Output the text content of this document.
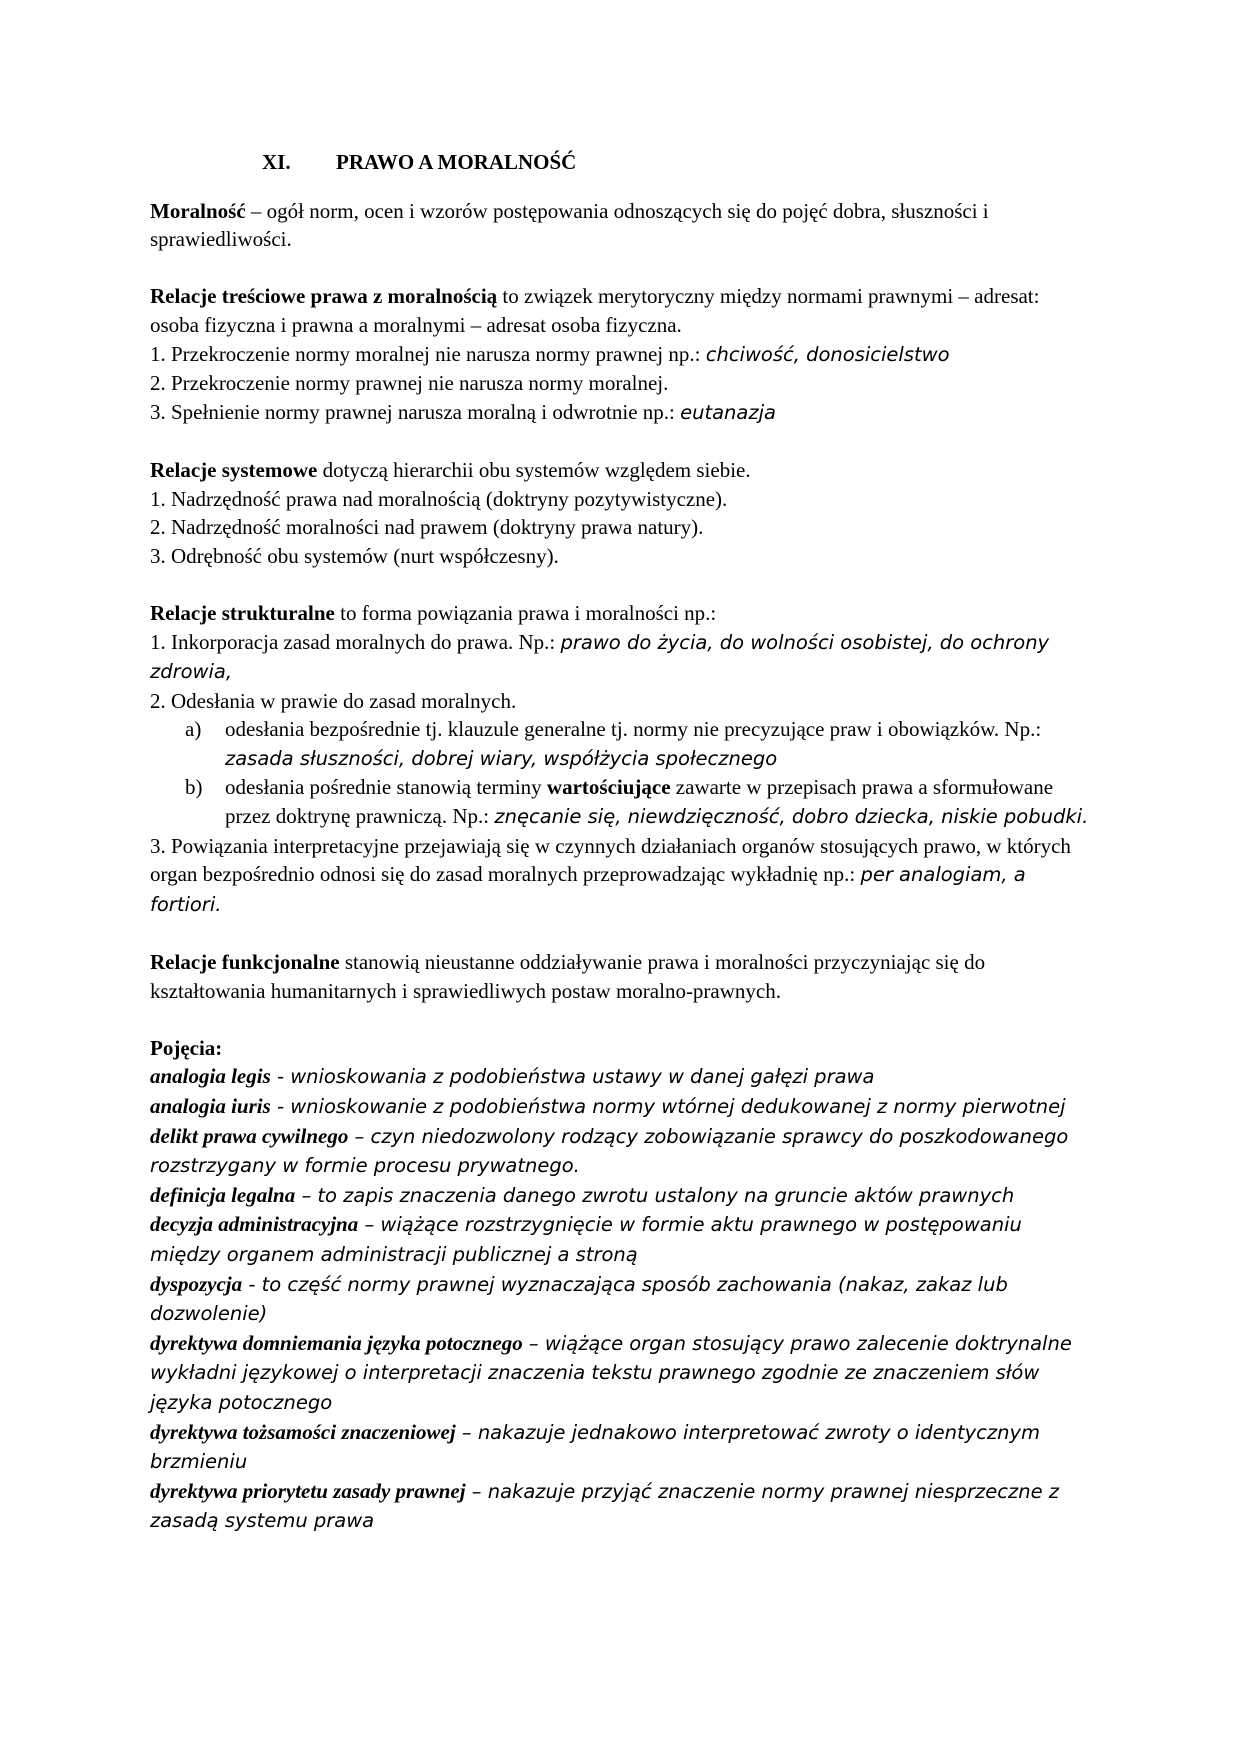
XI. PRAWO A MORALNOŚĆ

Moralność – ogół norm, ocen i wzorów postępowania odnoszących się do pojęć dobra, słuszności i sprawiedliwości.

Relacje treściowe prawa z moralnością to związek merytoryczny między normami prawnymi – adresat: osoba fizyczna i prawna a moralnymi – adresat osoba fizyczna.

1. Przekroczenie normy moralnej nie narusza normy prawnej np.: chciwość, donosicielstwo

2. Przekroczenie normy prawnej nie narusza normy moralnej.

3. Spełnienie normy prawnej narusza moralną i odwrotnie np.: eutanazja

Relacje systemowe dotyczą hierarchii obu systemów względem siebie.

1. Nadrzędność prawa nad moralnością (doktryny pozytywistyczne).

2. Nadrzędność moralności nad prawem (doktryny prawa natury).

3. Odrębność obu systemów (nurt współczesny).

Relacje strukturalne to forma powiązania prawa i moralności np.:

1. Inkorporacja zasad moralnych do prawa. Np.: prawo do życia, do wolności osobistej, do ochrony zdrowia,

2. Odesłania w prawie do zasad moralnych.

a)	odesłania bezpośrednie tj. klauzule generalne tj. normy nie precyzujące praw i obowiązków. Np.: zasada słuszności, dobrej wiary, współżycia społecznego
b)	odesłania pośrednie stanowią terminy wartościujące zawarte w przepisach prawa a sformułowane przez doktrynę prawniczą. Np.: znęcanie się, niewdzięczność, dobro dziecka, niskie pobudki.

3. Powiązania interpretacyjne przejawiają się w czynnych działaniach organów stosujących prawo, w których organ bezpośrednio odnosi się do zasad moralnych przeprowadzając wykładnię np.: per analogiam, a fortiori.

Relacje funkcjonalne stanowią nieustanne oddziaływanie prawa i moralności przyczyniając się do kształtowania humanitarnych i sprawiedliwych postaw moralno-prawnych.

Pojęcia:

analogia legis - wnioskowania z podobieństwa ustawy w danej gałęzi prawa

analogia iuris - wnioskowanie z podobieństwa normy wtórnej dedukowanej z normy pierwotnej

delikt prawa cywilnego – czyn niedozwolony rodzący zobowiązanie sprawcy do poszkodowanego rozstrzygany w formie procesu prywatnego.

definicja legalna – to zapis znaczenia danego zwrotu ustalony na gruncie aktów prawnych

decyzja administracyjna – wiążące rozstrzygnięcie w formie aktu prawnego w postępowaniu między organem administracji publicznej a stroną

dyspozycja - to część normy prawnej wyznaczająca sposób zachowania (nakaz, zakaz lub dozwolenie)

dyrektywa domniemania języka potocznego – wiążące organ stosujący prawo zalecenie doktrynalne wykładni językowej o interpretacji znaczenia tekstu prawnego zgodnie ze znaczeniem słów języka potocznego

dyrektywa tożsamości znaczeniowej – nakazuje jednakowo interpretować zwroty o identycznym brzmieniu

dyrektywa priorytetu zasady prawnej – nakazuje przyjąć znaczenie normy prawnej niesprzeczne z zasadą systemu prawa
